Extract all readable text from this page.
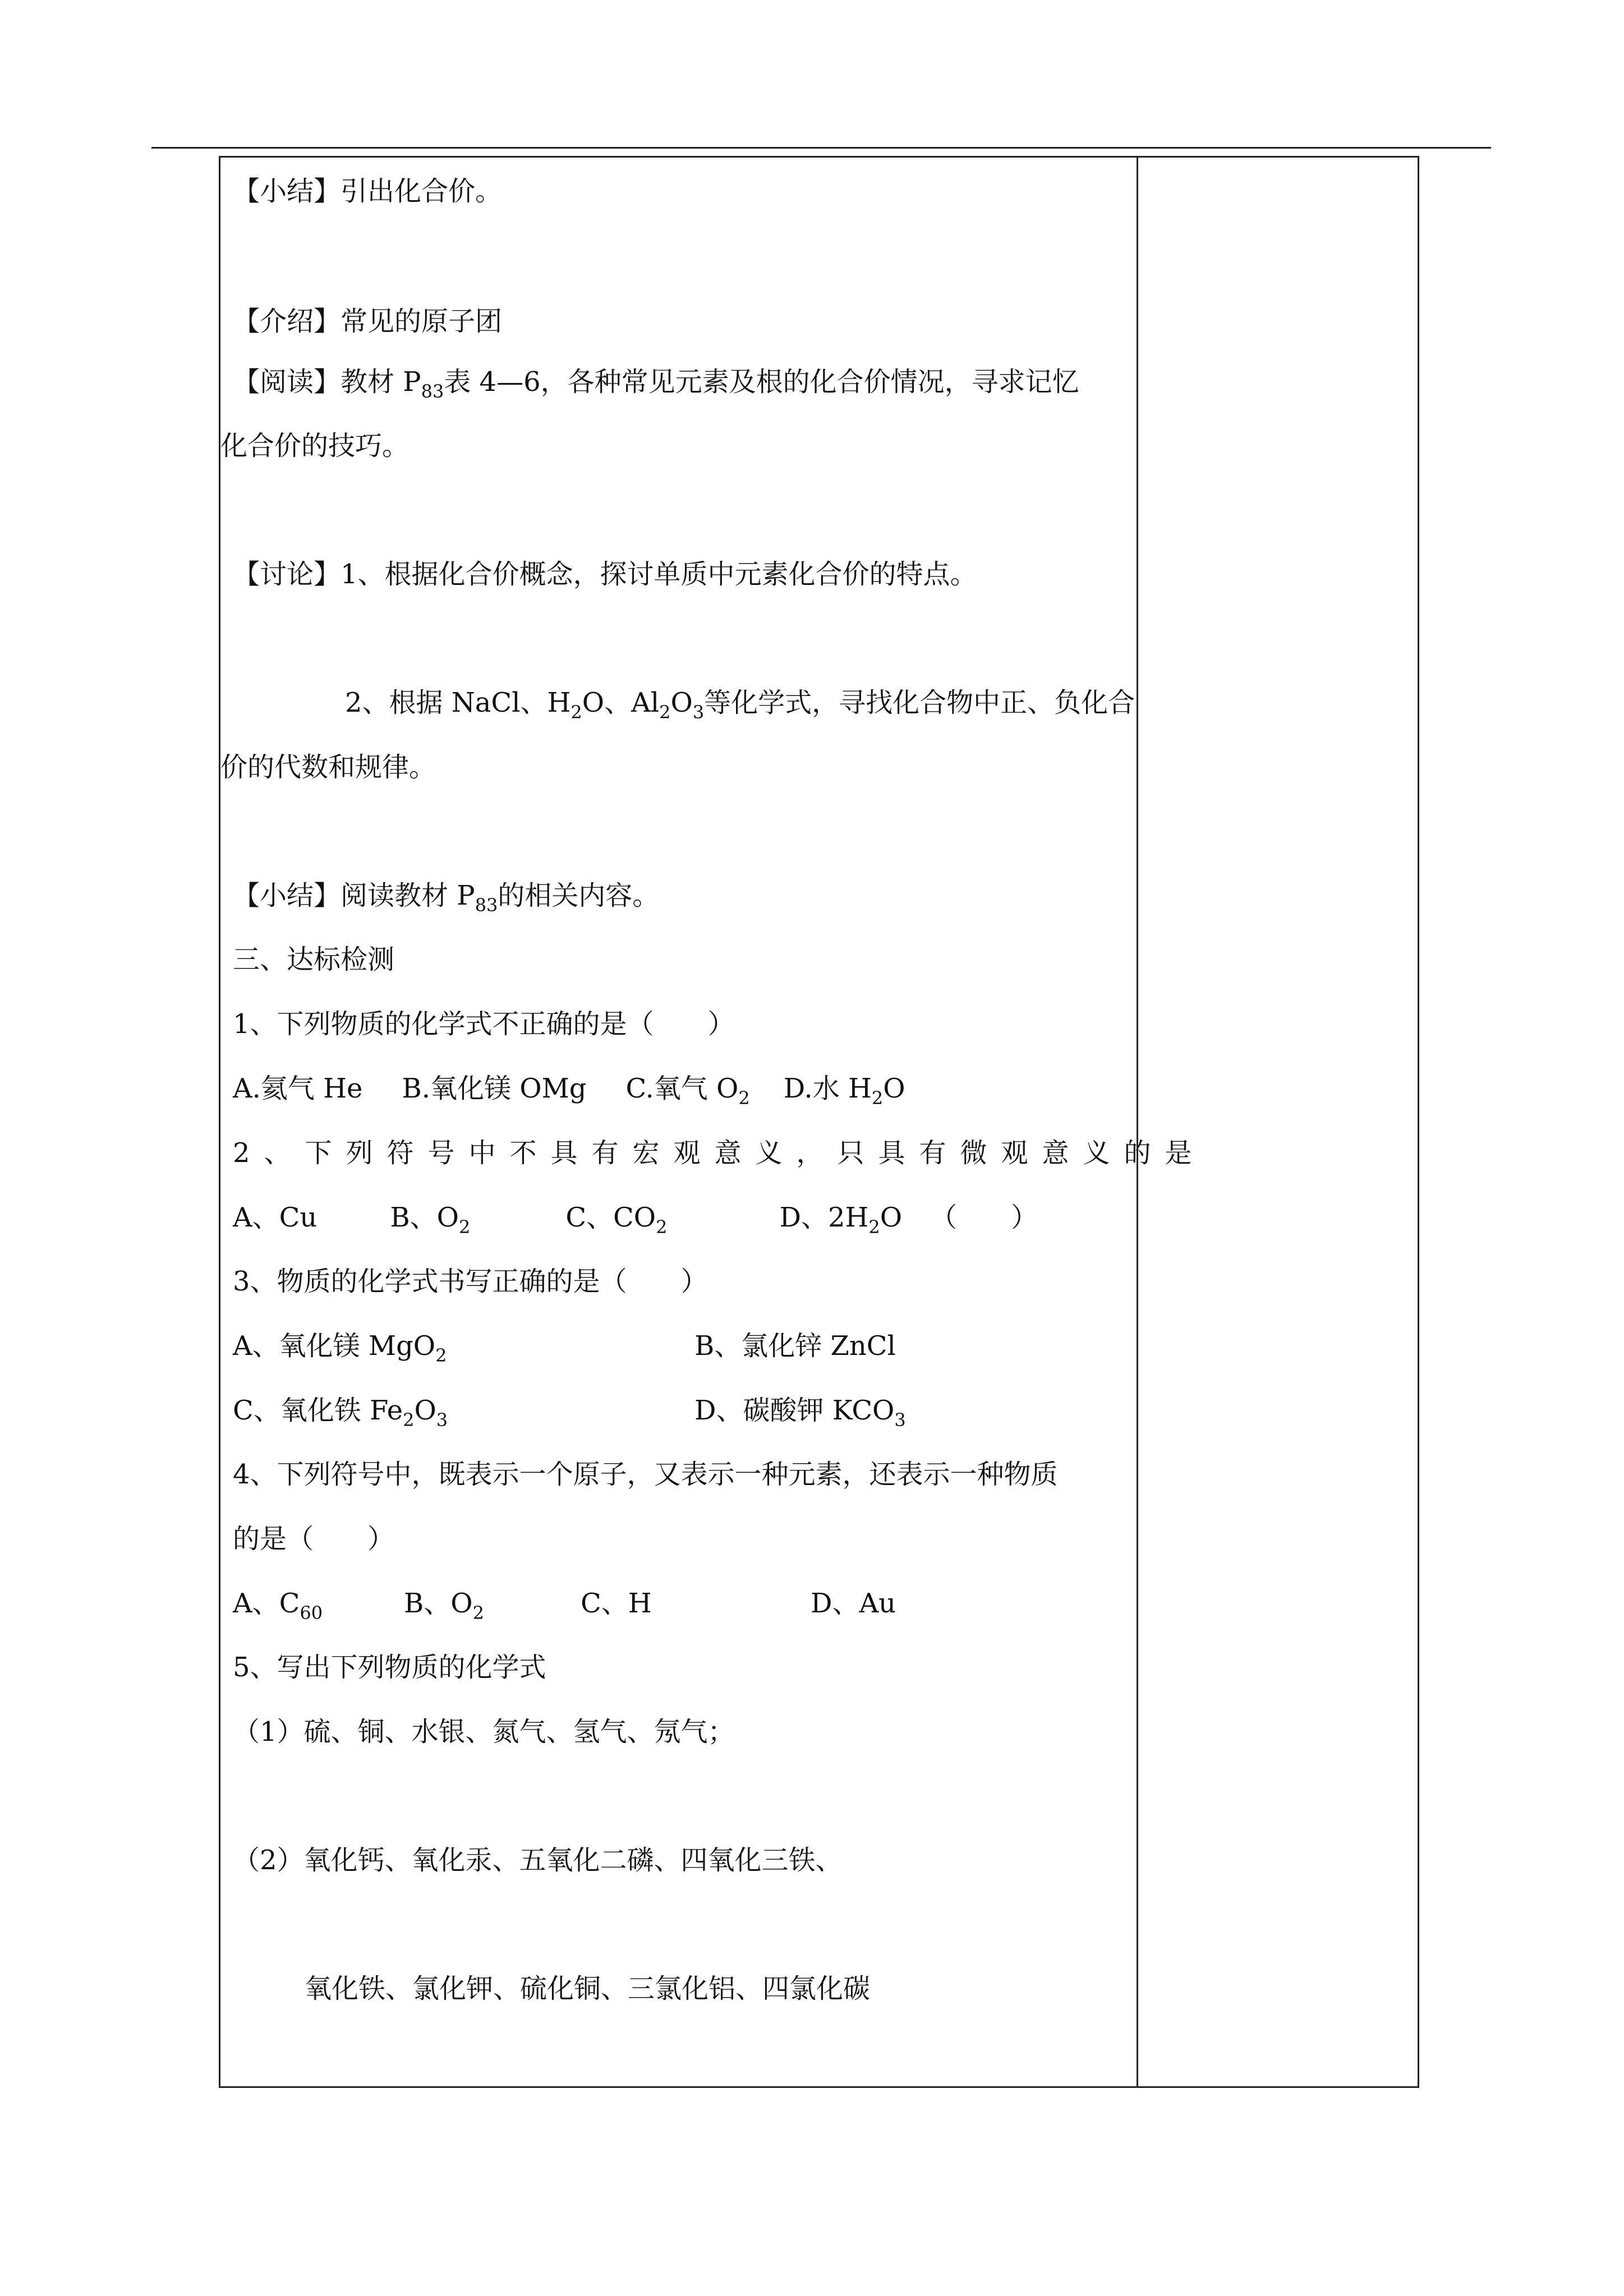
【小结】引出化合价。
【介绍】常见的原子团
【阅读】教材 $P_{83}$表 4—6，各种常见元素及根的化合价情况，寻求记忆
化合价的技巧。
【讨论】1、根据化合价概念，探讨单质中元素化合价的特点。
2、根据 NaCl、$H_2O$、$Al_2O_3$等化学式，寻找化合物中正、负化合
价的代数和规律。
【小结】阅读教材 $P_{83}$的相关内容。
三、达标检测
1、下列物质的化学式不正确的是（　　）
A.氦气 He B.氧化镁 OMg C.氧气 $O_2$ D.水 $H_2O$
2、下列符号中不具有宏观意义，只具有微观意义的是
A、Cu	B、$O_2$	C、$CO_2$	D、$2H_2O$ （　　）
3、物质的化学式书写正确的是（　　）
A、氧化镁 MgO$_2$	B、氯化锌 ZnCl
C、氧化铁 $Fe_2O_3$	D、碳酸钾 $KCO_3$
4、下列符号中，既表示一个原子，又表示一种元素，还表示一种物质
的是（　　）
A、$C_{60}$	B、$O_2$	C、H	D、Au
5、写出下列物质的化学式
（1）硫、铜、水银、氮气、氢气、氖气；
（2）氧化钙、氧化汞、五氧化二磷、四氧化三铁、
氧化铁、氯化钾、硫化铜、三氯化铝、四氯化碳
